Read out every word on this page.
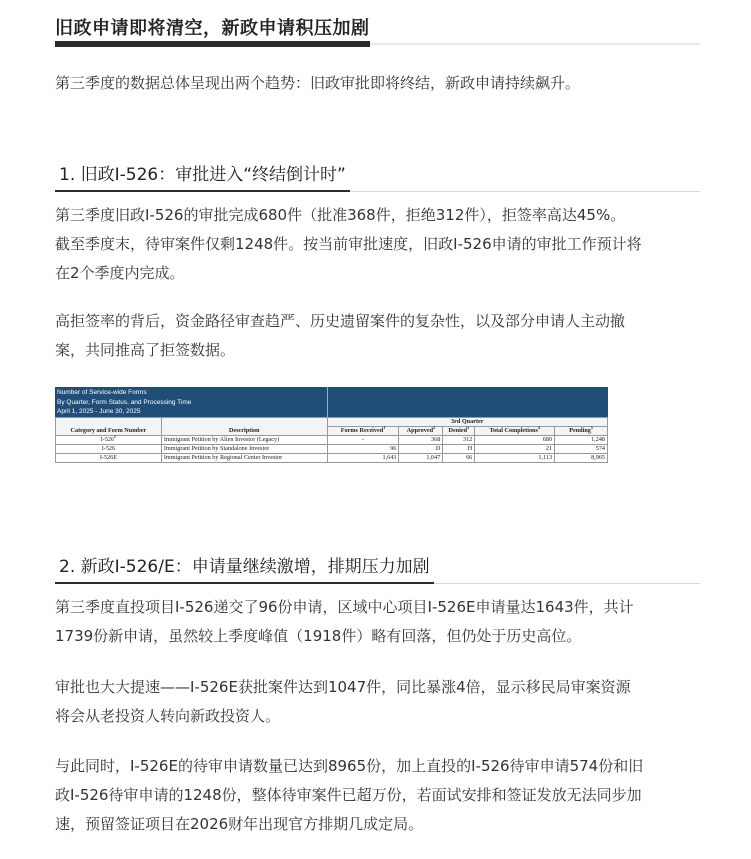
旧政申请即将清空，新政申请积压加剧
第三季度的数据总体呈现出两个趋势：旧政审批即将终结，新政申请持续飙升。
1. 旧政I-526：审批进入“终结倒计时”
第三季度旧政I-526的审批完成680件（批准368件，拒绝312件），拒签率高达45%。
截至季度末，待审案件仅剩1248件。按当前审批速度，旧政I-526申请的审批工作预计将
在2个季度内完成。
高拒签率的背后，资金路径审查趋严、历史遗留案件的复杂性，以及部分申请人主动撤
案，共同推高了拒签数据。
Number of Service-wide Forms
By Quarter, Form Status, and Processing Time
April 1, 2025 - June 30, 2025
Category and Form Number	Description	3rd Quarter				
		Forms Received$^1$	Approved$^2$	Denied$^3$	Total Completions$^4$	Pending$^5$
$I-526^6$	Immigrant Petition by Alien Investor (Legacy)	-	368	312	680	1,248
I-526	Immigrant Petition by Standalone Investor	96	D	H	21	574
I-526E	Immigrant Petition by Regional Center Investor	1,643	1,047	66	1,113	8,965
2. 新政I-526/E：申请量继续激增，排期压力加剧
第三季度直投项目I-526递交了96份申请，区域中心项目I-526E申请量达1643件，共计
1739份新申请，虽然较上季度峰值（1918件）略有回落，但仍处于历史高位。
审批也大大提速——I-526E获批案件达到1047件，同比暴涨4倍，显示移民局审案资源
将会从老投资人转向新政投资人。
与此同时，I-526E的待审申请数量已达到8965份，加上直投的I-526待审申请574份和旧
政I-526待审申请的1248份，整体待审案件已超万份，若面试安排和签证发放无法同步加
速，预留签证项目在2026财年出现官方排期几成定局。
